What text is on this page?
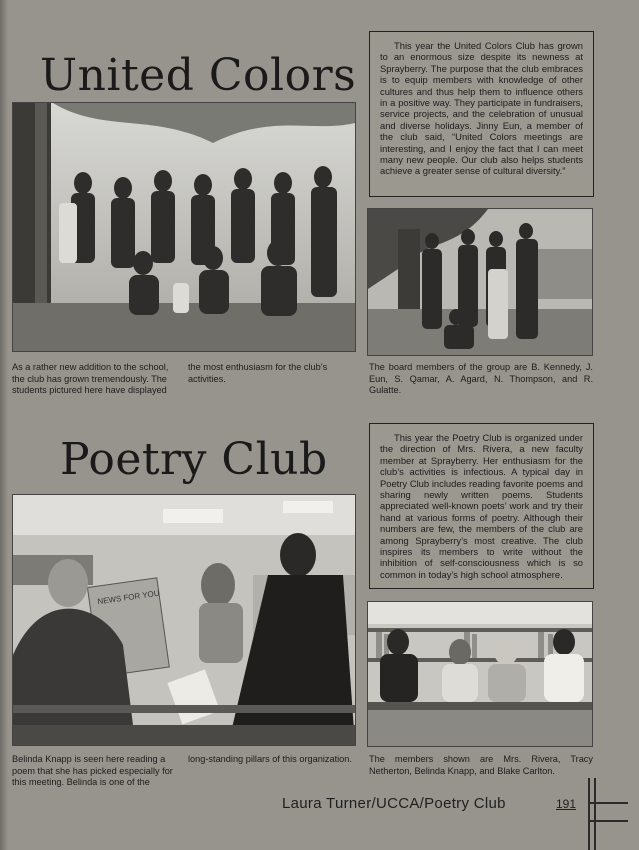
United Colors

This year the United Colors Club has grown to an enormous size despite its newness at Sprayberry. The purpose that the club embraces is to equip members with knowledge of other cultures and thus help them to influence others in a positive way. They participate in fundraisers, service projects, and the celebration of unusual and diverse holidays. Jinny Eun, a member of the club said, “United Colors meetings are interesting, and I enjoy the fact that I can meet many new people. Our club also helps students achieve a greater sense of cultural diversity.”

As a rather new addition to the school, the club has grown tremendously. The students pictured here have displayed
the most enthusiasm for the club’s activities.
The board members of the group are B. Kennedy, J. Eun, S. Qamar, A. Agard, N. Thompson, and R. Gulatte.
Poetry Club	This year the Poetry Club is organized under the direction of Mrs. Rivera, a new faculty member at Sprayberry. Her enthusiasm for the club’s activities is infectious. A typical day in Poetry Club includes reading favorite poems and sharing newly written poems. Students appreciated well-known poets’ work and try their hand at various forms of poetry. Although their numbers are few, the members of the club are among Sprayberry’s most creative. The club inspires its members to write without the inhibition of self-consciousness which is so common in today’s high school atmosphere.

NEWS FOR YOU
Belinda Knapp is seen here reading a poem that she has picked especially for this meeting. Belinda is one of the
long-standing pillars of this organization.	The members shown are Mrs. Rivera, Tracy Netherton, Belinda Knapp, and Blake Carlton.
Laura Turner/UCCA/Poetry Club	191
